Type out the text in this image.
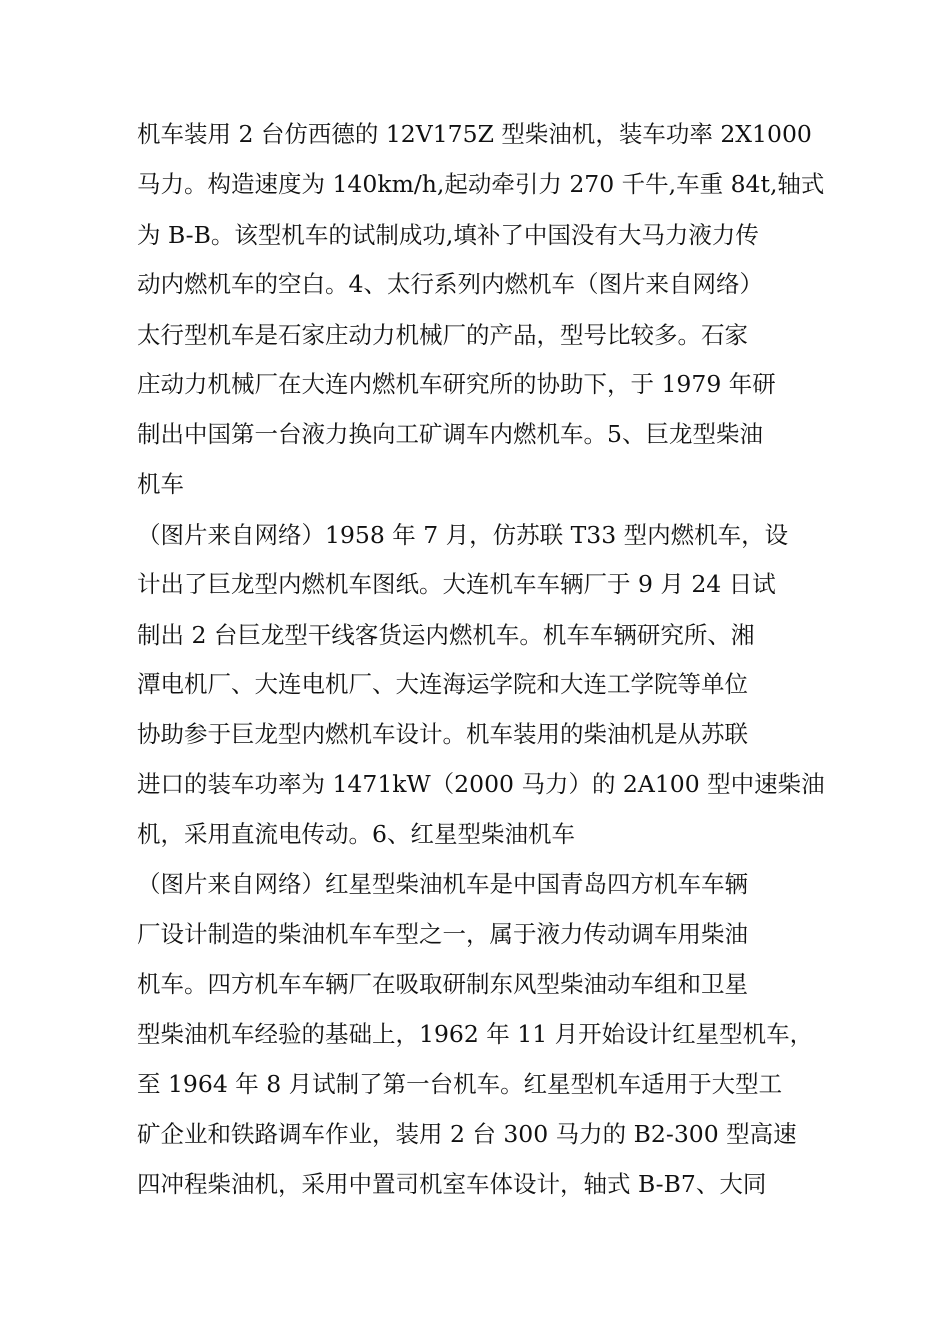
机车装用 2 台仿西德的 12V175Z 型柴油机，装车功率 2X1000
马力。构造速度为 140km/h,起动牵引力 270 千牛,车重 84t,轴式
为 B-B。该型机车的试制成功,填补了中国没有大马力液力传
动内燃机车的空白。4、太行系列内燃机车（图片来自网络）
太行型机车是石家庄动力机械厂的产品，型号比较多。石家
庄动力机械厂在大连内燃机车研究所的协助下，于 1979 年研
制出中国第一台液力换向工矿调车内燃机车。5、巨龙型柴油
机车
（图片来自网络）1958 年 7 月，仿苏联 T33 型内燃机车，设
计出了巨龙型内燃机车图纸。大连机车车辆厂于 9 月 24 日试
制出 2 台巨龙型干线客货运内燃机车。机车车辆研究所、湘
潭电机厂、大连电机厂、大连海运学院和大连工学院等单位
协助参于巨龙型内燃机车设计。机车装用的柴油机是从苏联
进口的装车功率为 1471kW（2000 马力）的 2A100 型中速柴油
机，采用直流电传动。6、红星型柴油机车
（图片来自网络）红星型柴油机车是中国青岛四方机车车辆
厂设计制造的柴油机车车型之一，属于液力传动调车用柴油
机车。四方机车车辆厂在吸取研制东风型柴油动车组和卫星
型柴油机车经验的基础上，1962 年 11 月开始设计红星型机车，
至 1964 年 8 月试制了第一台机车。红星型机车适用于大型工
矿企业和铁路调车作业，装用 2 台 300 马力的 B2-300 型高速
四冲程柴油机，采用中置司机室车体设计，轴式 B-B7、大同
